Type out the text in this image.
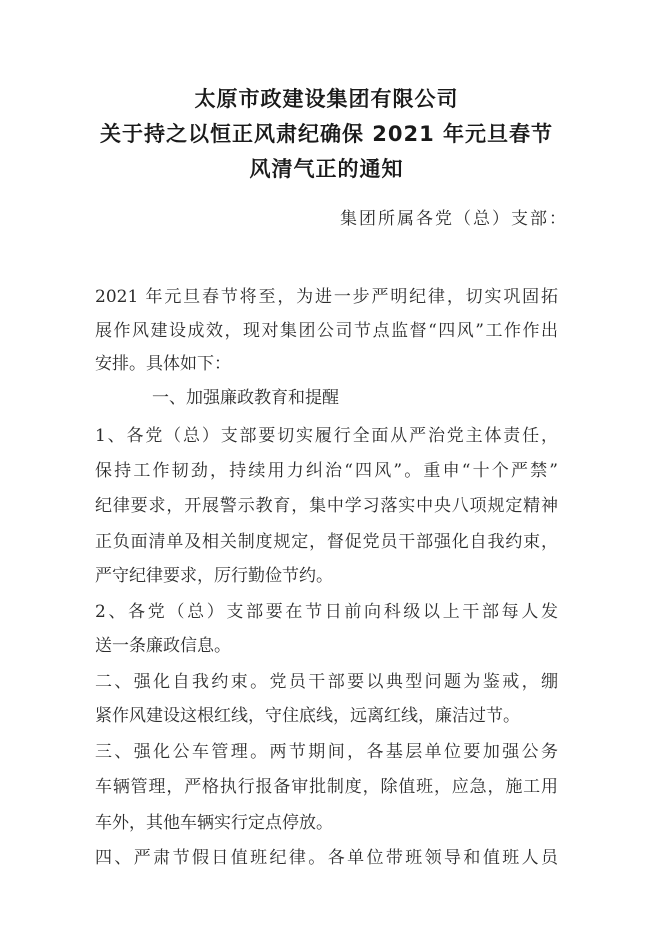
太原市政建设集团有限公司
关于持之以恒正风肃纪确保 2021 年元旦春节
风清气正的通知
集团所属各党（总）支部：
2021 年元旦春节将至，为进一步严明纪律，切实巩固拓
展作风建设成效，现对集团公司节点监督“四风”工作作出
安排。具体如下：
一、加强廉政教育和提醒
1、各党（总）支部要切实履行全面从严治党主体责任，
保持工作韧劲，持续用力纠治“四风”。重申“十个严禁”
纪律要求，开展警示教育，集中学习落实中央八项规定精神
正负面清单及相关制度规定，督促党员干部强化自我约束，
严守纪律要求，厉行勤俭节约。
2、各党（总）支部要在节日前向科级以上干部每人发
送一条廉政信息。
二、强化自我约束。党员干部要以典型问题为鉴戒，绷
紧作风建设这根红线，守住底线，远离红线，廉洁过节。
三、强化公车管理。两节期间，各基层单位要加强公务
车辆管理，严格执行报备审批制度，除值班，应急，施工用
车外，其他车辆实行定点停放。
四、严肃节假日值班纪律。各单位带班领导和值班人员
